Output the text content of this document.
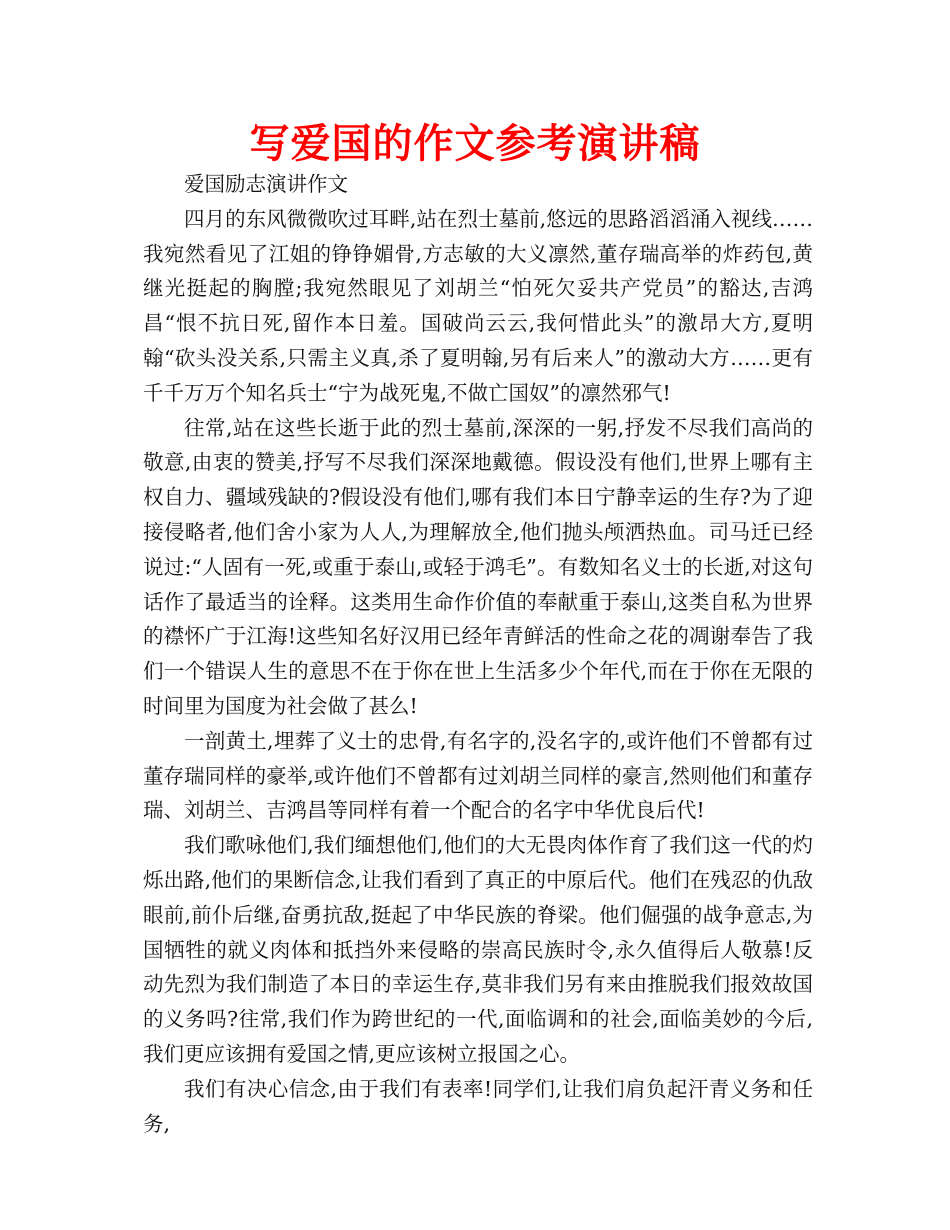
写爱国的作文参考演讲稿

爱国励志演讲作文

四月的东风微微吹过耳畔,站在烈士墓前,悠远的思路滔滔涌入视线……我宛然看见了江姐的铮铮媚骨,方志敏的大义凛然,董存瑞高举的炸药包,黄继光挺起的胸膛;我宛然眼见了刘胡兰“怕死欠妥共产党员”的豁达,吉鸿昌“恨不抗日死,留作本日羞。国破尚云云,我何惜此头”的激昂大方,夏明翰“砍头没关系,只需主义真,杀了夏明翰,另有后来人”的激动大方……更有千千万万个知名兵士“宁为战死鬼,不做亡国奴”的凛然邪气!

往常,站在这些长逝于此的烈士墓前,深深的一躬,抒发不尽我们高尚的敬意,由衷的赞美,抒写不尽我们深深地戴德。假设没有他们,世界上哪有主权自力、疆域残缺的?假设没有他们,哪有我们本日宁静幸运的生存?为了迎接侵略者,他们舍小家为人人,为理解放全,他们抛头颅洒热血。司马迁已经说过:“人固有一死,或重于泰山,或轻于鸿毛”。有数知名义士的长逝,对这句话作了最适当的诠释。这类用生命作价值的奉献重于泰山,这类自私为世界的襟怀广于江海!这些知名好汉用已经年青鲜活的性命之花的凋谢奉告了我们一个错误人生的意思不在于你在世上生活多少个年代,而在于你在无限的时间里为国度为社会做了甚么!

一剖黄土,埋葬了义士的忠骨,有名字的,没名字的,或许他们不曾都有过董存瑞同样的豪举,或许他们不曾都有过刘胡兰同样的豪言,然则他们和董存瑞、刘胡兰、吉鸿昌等同样有着一个配合的名字中华优良后代!

我们歌咏他们,我们缅想他们,他们的大无畏肉体作育了我们这一代的灼烁出路,他们的果断信念,让我们看到了真正的中原后代。他们在残忍的仇敌眼前,前仆后继,奋勇抗敌,挺起了中华民族的脊梁。他们倔强的战争意志,为国牺牲的就义肉体和抵挡外来侵略的崇高民族时令,永久值得后人敬慕!反动先烈为我们制造了本日的幸运生存,莫非我们另有来由推脱我们报效故国的义务吗?往常,我们作为跨世纪的一代,面临调和的社会,面临美妙的今后,我们更应该拥有爱国之情,更应该树立报国之心。

我们有决心信念,由于我们有表率!同学们,让我们肩负起汗青义务和任务,
